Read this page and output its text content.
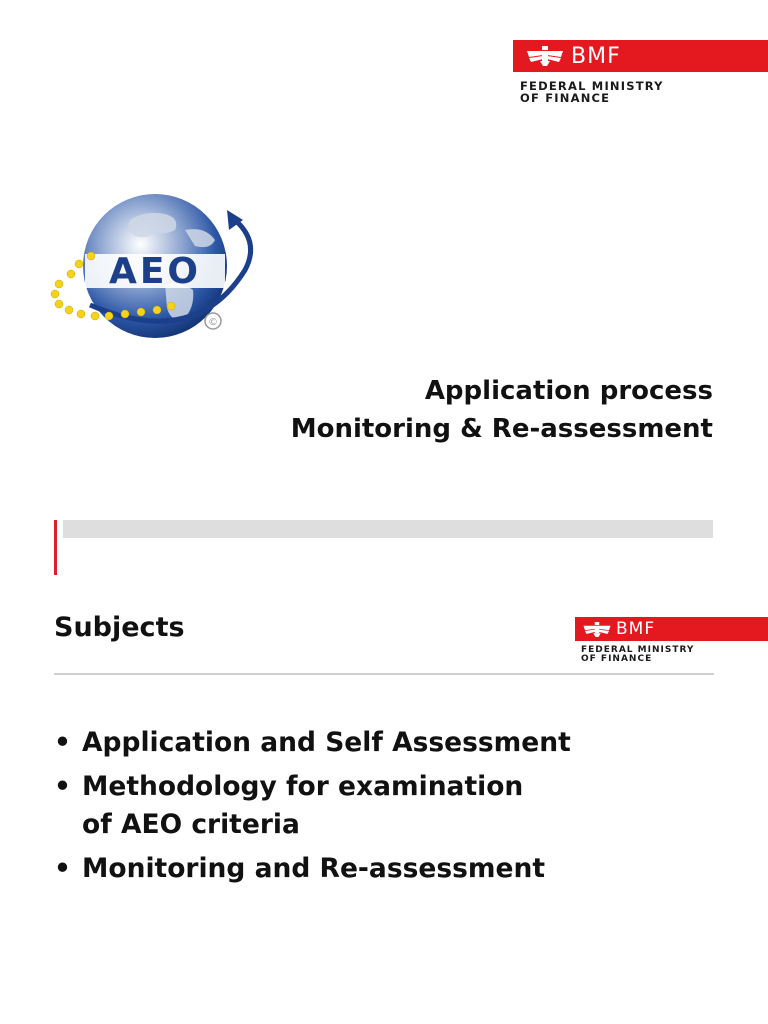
BMF
FEDERAL MINISTRY
OF FINANCE
AEO
©
Application process
Monitoring & Re-assessment
Subjects	BMF
FEDERAL MINISTRY
OF FINANCE
• Application and Self Assessment
• Methodology for examination
of AEO criteria
• Monitoring and Re-assessment
